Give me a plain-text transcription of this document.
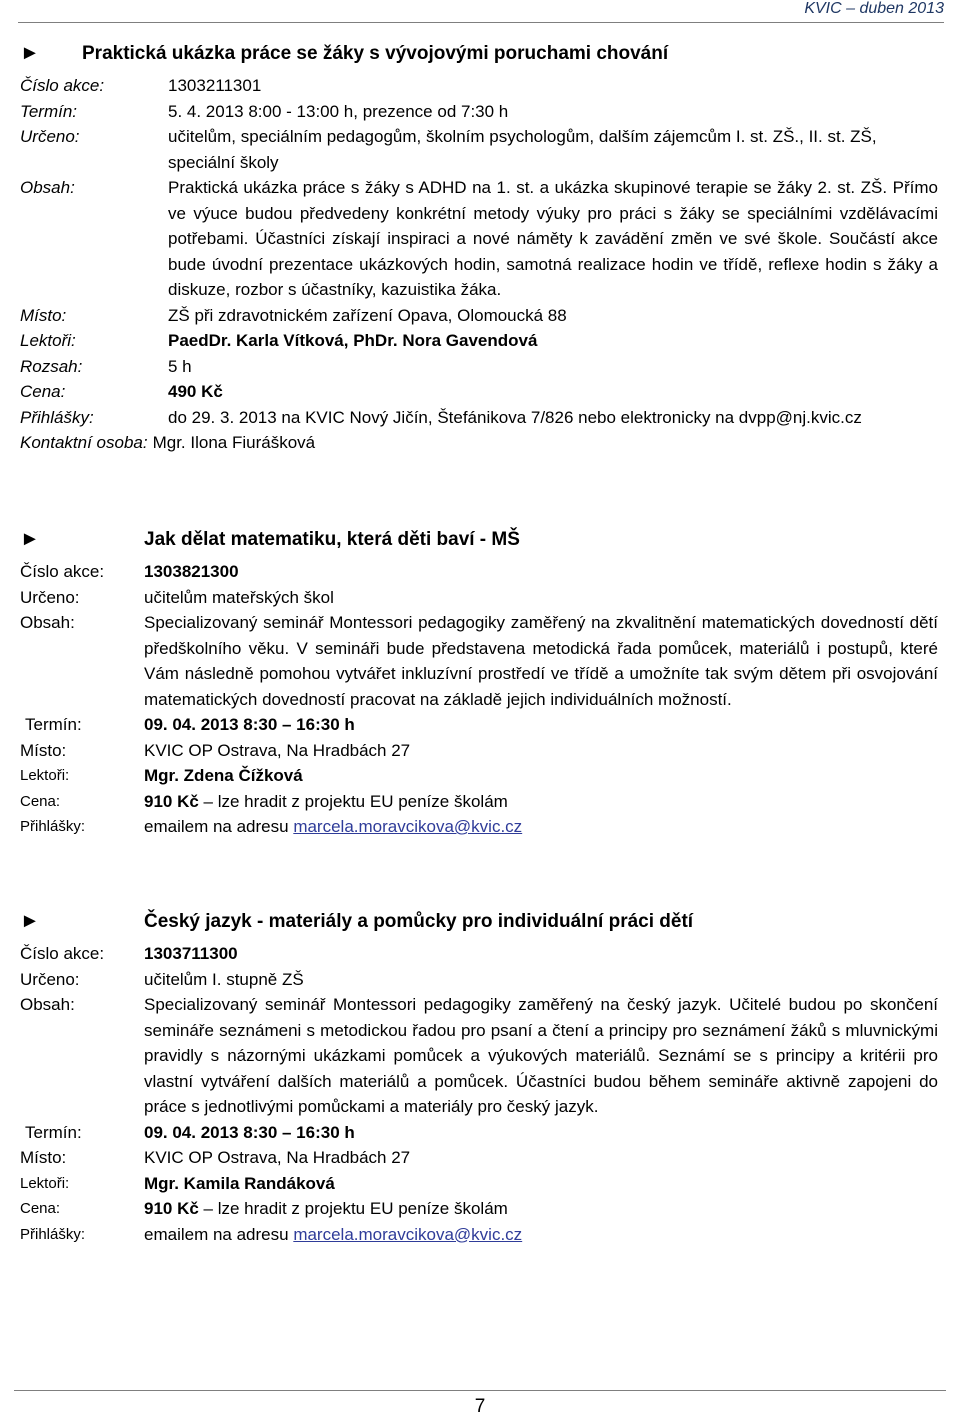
KVIC – duben 2013
►	Praktická ukázka práce se žáky s vývojovými poruchami chování
Číslo akce:	1303211301
Termín:	5. 4. 2013 8:00 - 13:00 h, prezence od 7:30 h
Určeno:	učitelům, speciálním pedagogům, školním psychologům, dalším zájemcům I. st. ZŠ., II. st. ZŠ, speciální školy
Obsah:	Praktická ukázka práce s žáky s ADHD na 1. st. a ukázka skupinové terapie se žáky 2. st. ZŠ. Přímo ve výuce budou předvedeny konkrétní metody výuky pro práci s žáky se speciálními vzdělávacími potřebami. Účastníci získají inspiraci a nové náměty k zavádění změn ve své škole. Součástí akce bude úvodní prezentace ukázkových hodin, samotná realizace hodin ve třídě, reflexe hodin s žáky a diskuze, rozbor s účastníky, kazuistika žáka.
Místo:	ZŠ při zdravotnickém zařízení Opava, Olomoucká 88
Lektoři:	PaedDr. Karla Vítková, PhDr. Nora Gavendová
Rozsah:	5 h
Cena:	490 Kč
Přihlášky:	do 29. 3. 2013 na KVIC Nový Jičín, Štefánikova 7/826 nebo elektronicky na dvpp@nj.kvic.cz
Kontaktní osoba: Mgr. Ilona Fiurášková
►	Jak dělat matematiku, která děti baví - MŠ
Číslo akce:	1303821300
Určeno:	učitelům mateřských škol
Obsah:	Specializovaný seminář Montessori pedagogiky zaměřený na zkvalitnění matematických dovedností dětí předškolního věku. V semináři bude představena metodická řada pomůcek, materiálů i postupů, které Vám následně pomohou vytvářet inkluzívní prostředí ve třídě a umožníte tak svým dětem při osvojování matematických dovedností pracovat na základě jejich individuálních možností.
Termín:	09. 04. 2013 8:30 – 16:30 h
Místo:	KVIC OP Ostrava, Na Hradbách 27
Lektoři:	Mgr. Zdena Čížková
Cena:	910 Kč – lze hradit z projektu EU peníze školám
Přihlášky:	emailem na adresu marcela.moravcikova@kvic.cz
►	Český jazyk - materiály a pomůcky pro individuální práci dětí
Číslo akce:	1303711300
Určeno:	učitelům I. stupně ZŠ
Obsah:	Specializovaný seminář Montessori pedagogiky zaměřený na český jazyk. Učitelé budou po skončení semináře seznámeni s metodickou řadou pro psaní a čtení a principy pro seznámení žáků s mluvnickými pravidly s názornými ukázkami pomůcek a výukových materiálů. Seznámí se s principy a kritérii pro vlastní vytváření dalších materiálů a pomůcek. Účastníci budou během semináře aktivně zapojeni do práce s jednotlivými pomůckami a materiály pro český jazyk.
Termín:	09. 04. 2013 8:30 – 16:30 h
Místo:	KVIC OP Ostrava, Na Hradbách 27
Lektoři:	Mgr. Kamila Randáková
Cena:	910 Kč – lze hradit z projektu EU peníze školám
Přihlášky:	emailem na adresu marcela.moravcikova@kvic.cz
7
